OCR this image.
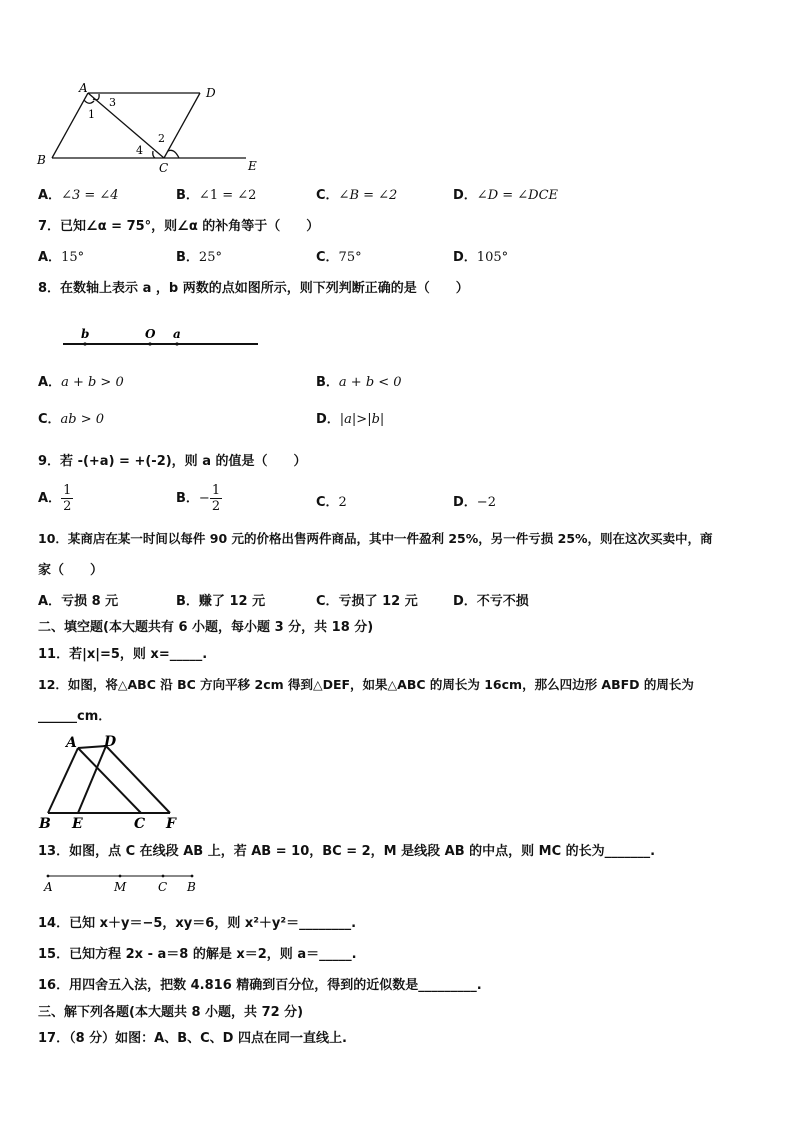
A	D
B
C	E
1
3
4
2
A．∠3 = ∠4	B．∠1 = ∠2	C．∠B = ∠2	D．∠D = ∠DCE
7．已知∠α = 75°，则∠α 的补角等于（　　）
A．15°	B．25°	C．75°	D．105°
8．在数轴上表示 a ，b 两数的点如图所示，则下列判断正确的是（　　）
b	O a
A．a + b > 0	B．a + b < 0
C．ab > 0	D．|a|>|b|
9．若 -(+a) = +(-2)，则 a 的值是（　　）
A． $\frac{1}{2}$	B．− $\frac{1}{2}$	C．2	D．−2
10．某商店在某一时间以每件 90 元的价格出售两件商品，其中一件盈利 25%，另一件亏损 25%，则在这次买卖中，商
家（　　）
A．亏损 8 元	B．赚了 12 元	C．亏损了 12 元	D．不亏不损
二、填空题(本大题共有 6 小题，每小题 3 分，共 18 分)
11．若|x|=5，则 x=_____.
12．如图，将△ABC 沿 BC 方向平移 2cm 得到△DEF，如果△ABC 的周长为 16cm，那么四边形 ABFD 的周长为
______cm．
A D
B E	C F
13．如图，点 C 在线段 AB 上，若 AB = 10，BC = 2，M 是线段 AB 的中点，则 MC 的长为_______.
A	M	C B
14．已知 x＋y＝−5，xy＝6，则 x²＋y²＝________.
15．已知方程 2x - a＝8 的解是 x＝2，则 a＝_____.
16．用四舍五入法，把数 4.816 精确到百分位，得到的近似数是_________.
三、解下列各题(本大题共 8 小题，共 72 分)
17．（8 分）如图：A、B、C、D 四点在同一直线上.
